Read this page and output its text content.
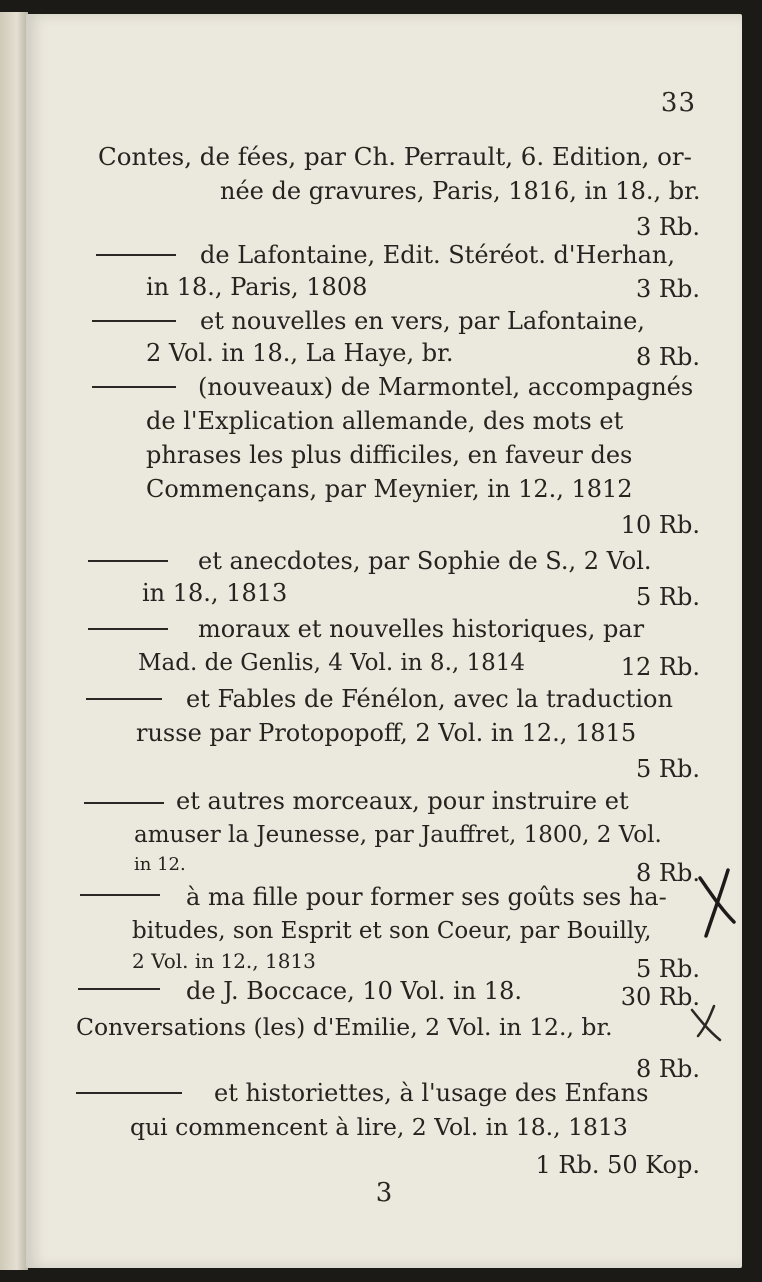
33
Contes, de fées, par Ch. Perrault, 6. Edition, or-
née de gravures, Paris, 1816, in 18., br.
3 Rb.
de Lafontaine, Edit. Stéréot. d'Herhan,
in 18., Paris, 1808	3 Rb.
et nouvelles en vers, par Lafontaine,
2 Vol. in 18., La Haye, br.	8 Rb.
(nouveaux) de Marmontel, accompagnés
de l'Explication allemande, des mots et
phrases les plus difficiles, en faveur des
Commençans, par Meynier, in 12., 1812
10 Rb.
et anecdotes, par Sophie de S., 2 Vol.
in 18., 1813	5 Rb.
moraux et nouvelles historiques, par
Mad. de Genlis, 4 Vol. in 8., 1814	12 Rb.
et Fables de Fénélon, avec la traduction
russe par Protopopoff, 2 Vol. in 12., 1815
5 Rb.
et autres morceaux, pour instruire et
amuser la Jeunesse, par Jauffret, 1800, 2 Vol.
in 12.	8 Rb.
à ma fille pour former ses goûts ses ha-
bitudes, son Esprit et son Coeur, par Bouilly,
2 Vol. in 12., 1813	5 Rb.
de J. Boccace, 10 Vol. in 18.	30 Rb.
Conversations (les) d'Emilie, 2 Vol. in 12., br.
8 Rb.
et historiettes, à l'usage des Enfans
qui commencent à lire, 2 Vol. in 18., 1813
1 Rb. 50 Kop.
3
